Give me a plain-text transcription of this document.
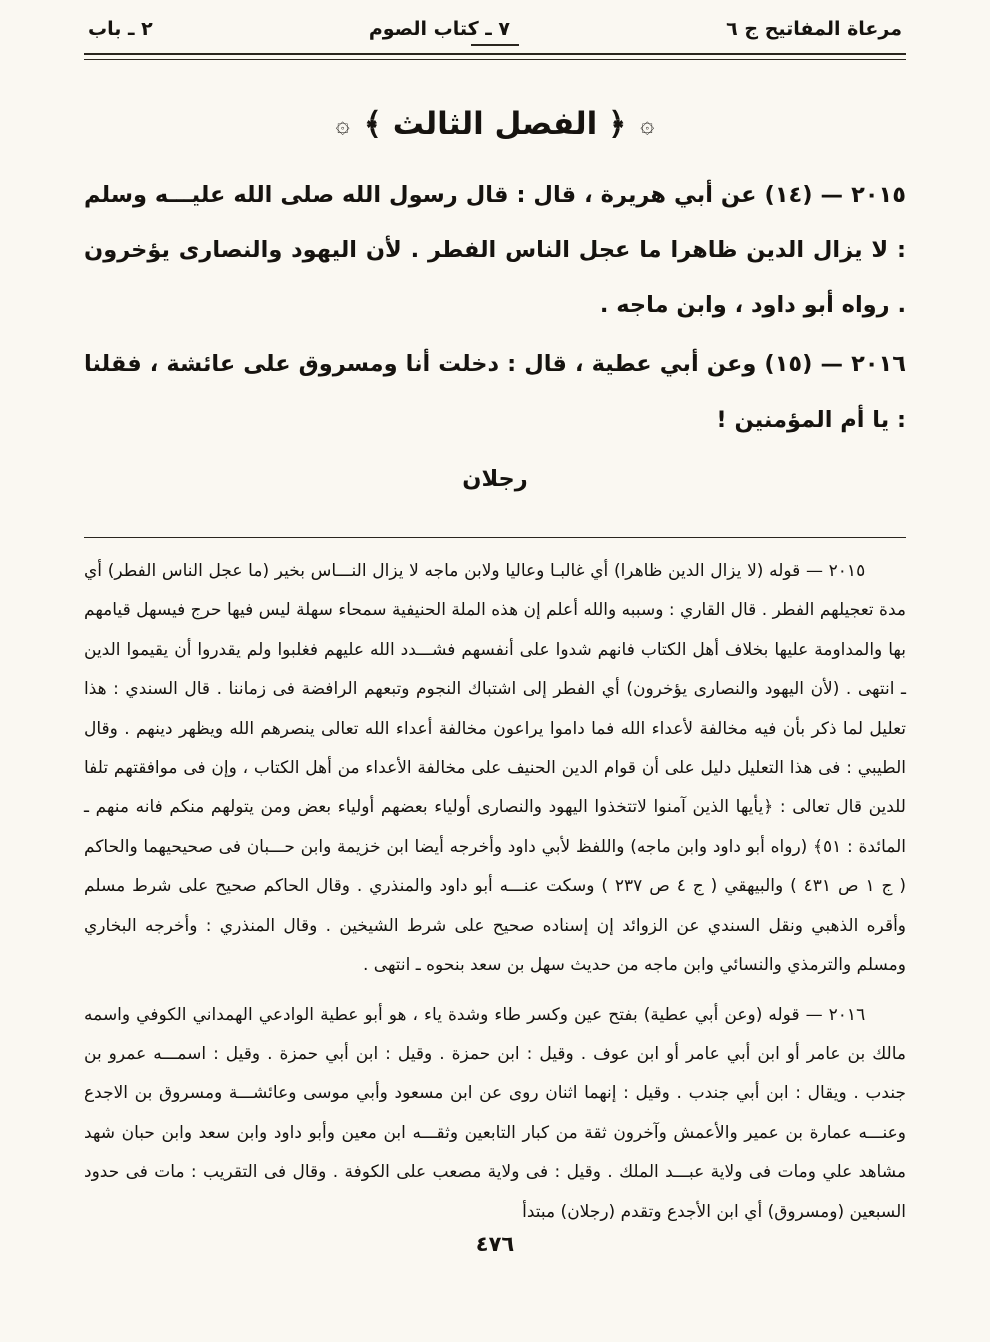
مرعاة المفاتيح ج ٦
٧ ـ كتاب الصوم
٢ ـ باب
۞
﴿ الفصل الثالث ﴾
۞

٢٠١٥ — (١٤) عن أبي هريرة ، قال : قال رسول الله صلى الله عليـــه وسلم : لا يزال الدين ظاهرا ما عجل الناس الفطر . لأن اليهود والنصارى يؤخرون . رواه أبو داود ، وابن ماجه .

٢٠١٦ — (١٥) وعن أبي عطية ، قال : دخلت أنا ومسروق على عائشة ، فقلنا : يا أم المؤمنين !

رجلان

٢٠١٥ — قوله (لا يزال الدين ظاهرا) أي غالبـا وعاليا ولابن ماجه لا يزال النـــاس بخير (ما عجل الناس الفطر) أي مدة تعجيلهم الفطر . قال القاري : وسببه والله أعلم إن هذه الملة الحنيفية سمحاء سهلة ليس فيها حرج فيسهل قيامهم بها والمداومة عليها بخلاف أهل الكتاب فانهم شدوا على أنفسهم فشـــدد الله عليهم فغلبوا ولم يقدروا أن يقيموا الدين ـ انتهى . (لأن اليهود والنصارى يؤخرون) أي الفطر إلى اشتباك النجوم وتبعهم الرافضة فى زماننا . قال السندي : هذا تعليل لما ذكر بأن فيه مخالفة لأعداء الله فما داموا يراعون مخالفة أعداء الله تعالى ينصرهم الله ويظهر دينهم . وقال الطيبي : فى هذا التعليل دليل على أن قوام الدين الحنيف على مخالفة الأعداء من أهل الكتاب ، وإن فى موافقتهم تلفا للدين قال تعالى : ﴿يأيها الذين آمنوا لاتتخذوا اليهود والنصارى أولياء بعضهم أولياء بعض ومن يتولهم منكم فانه منهم ـ المائدة : ٥١﴾ (رواه أبو داود وابن ماجه) واللفظ لأبي داود وأخرجه أيضا ابن خزيمة وابن حـــبان فى صحيحيهما والحاكم ( ج ١ ص ٤٣١ ) والبيهقي ( ج ٤ ص ٢٣٧ ) وسكت عنـــه أبو داود والمنذري . وقال الحاكم صحيح على شرط مسلم وأقره الذهبي ونقل السندي عن الزوائد إن إسناده صحيح على شرط الشيخين . وقال المنذري : وأخرجه البخاري ومسلم والترمذي والنسائي وابن ماجه من حديث سهل بن سعد بنحوه ـ انتهى .

٢٠١٦ — قوله (وعن أبي عطية) بفتح عين وكسر طاء وشدة ياء ، هو أبو عطية الوادعي الهمداني الكوفي واسمه مالك بن عامر أو ابن أبي عامر أو ابن عوف . وقيل : ابن حمزة . وقيل : ابن أبي حمزة . وقيل : اسمـــه عمرو بن جندب . ويقال : ابن أبي جندب . وقيل : إنهما اثنان روى عن ابن مسعود وأبي موسى وعائشـــة ومسروق بن الاجدع وعنـــه عمارة بن عمير والأعمش وآخرون ثقة من كبار التابعين وثقـــه ابن معين وأبو داود وابن سعد وابن حبان شهد مشاهد علي ومات فى ولاية عبـــد الملك . وقيل : فى ولاية مصعب على الكوفة . وقال فى التقريب : مات فى حدود السبعين (ومسروق) أي ابن الأجدع وتقدم (رجلان) مبتدأ

٤٧٦
